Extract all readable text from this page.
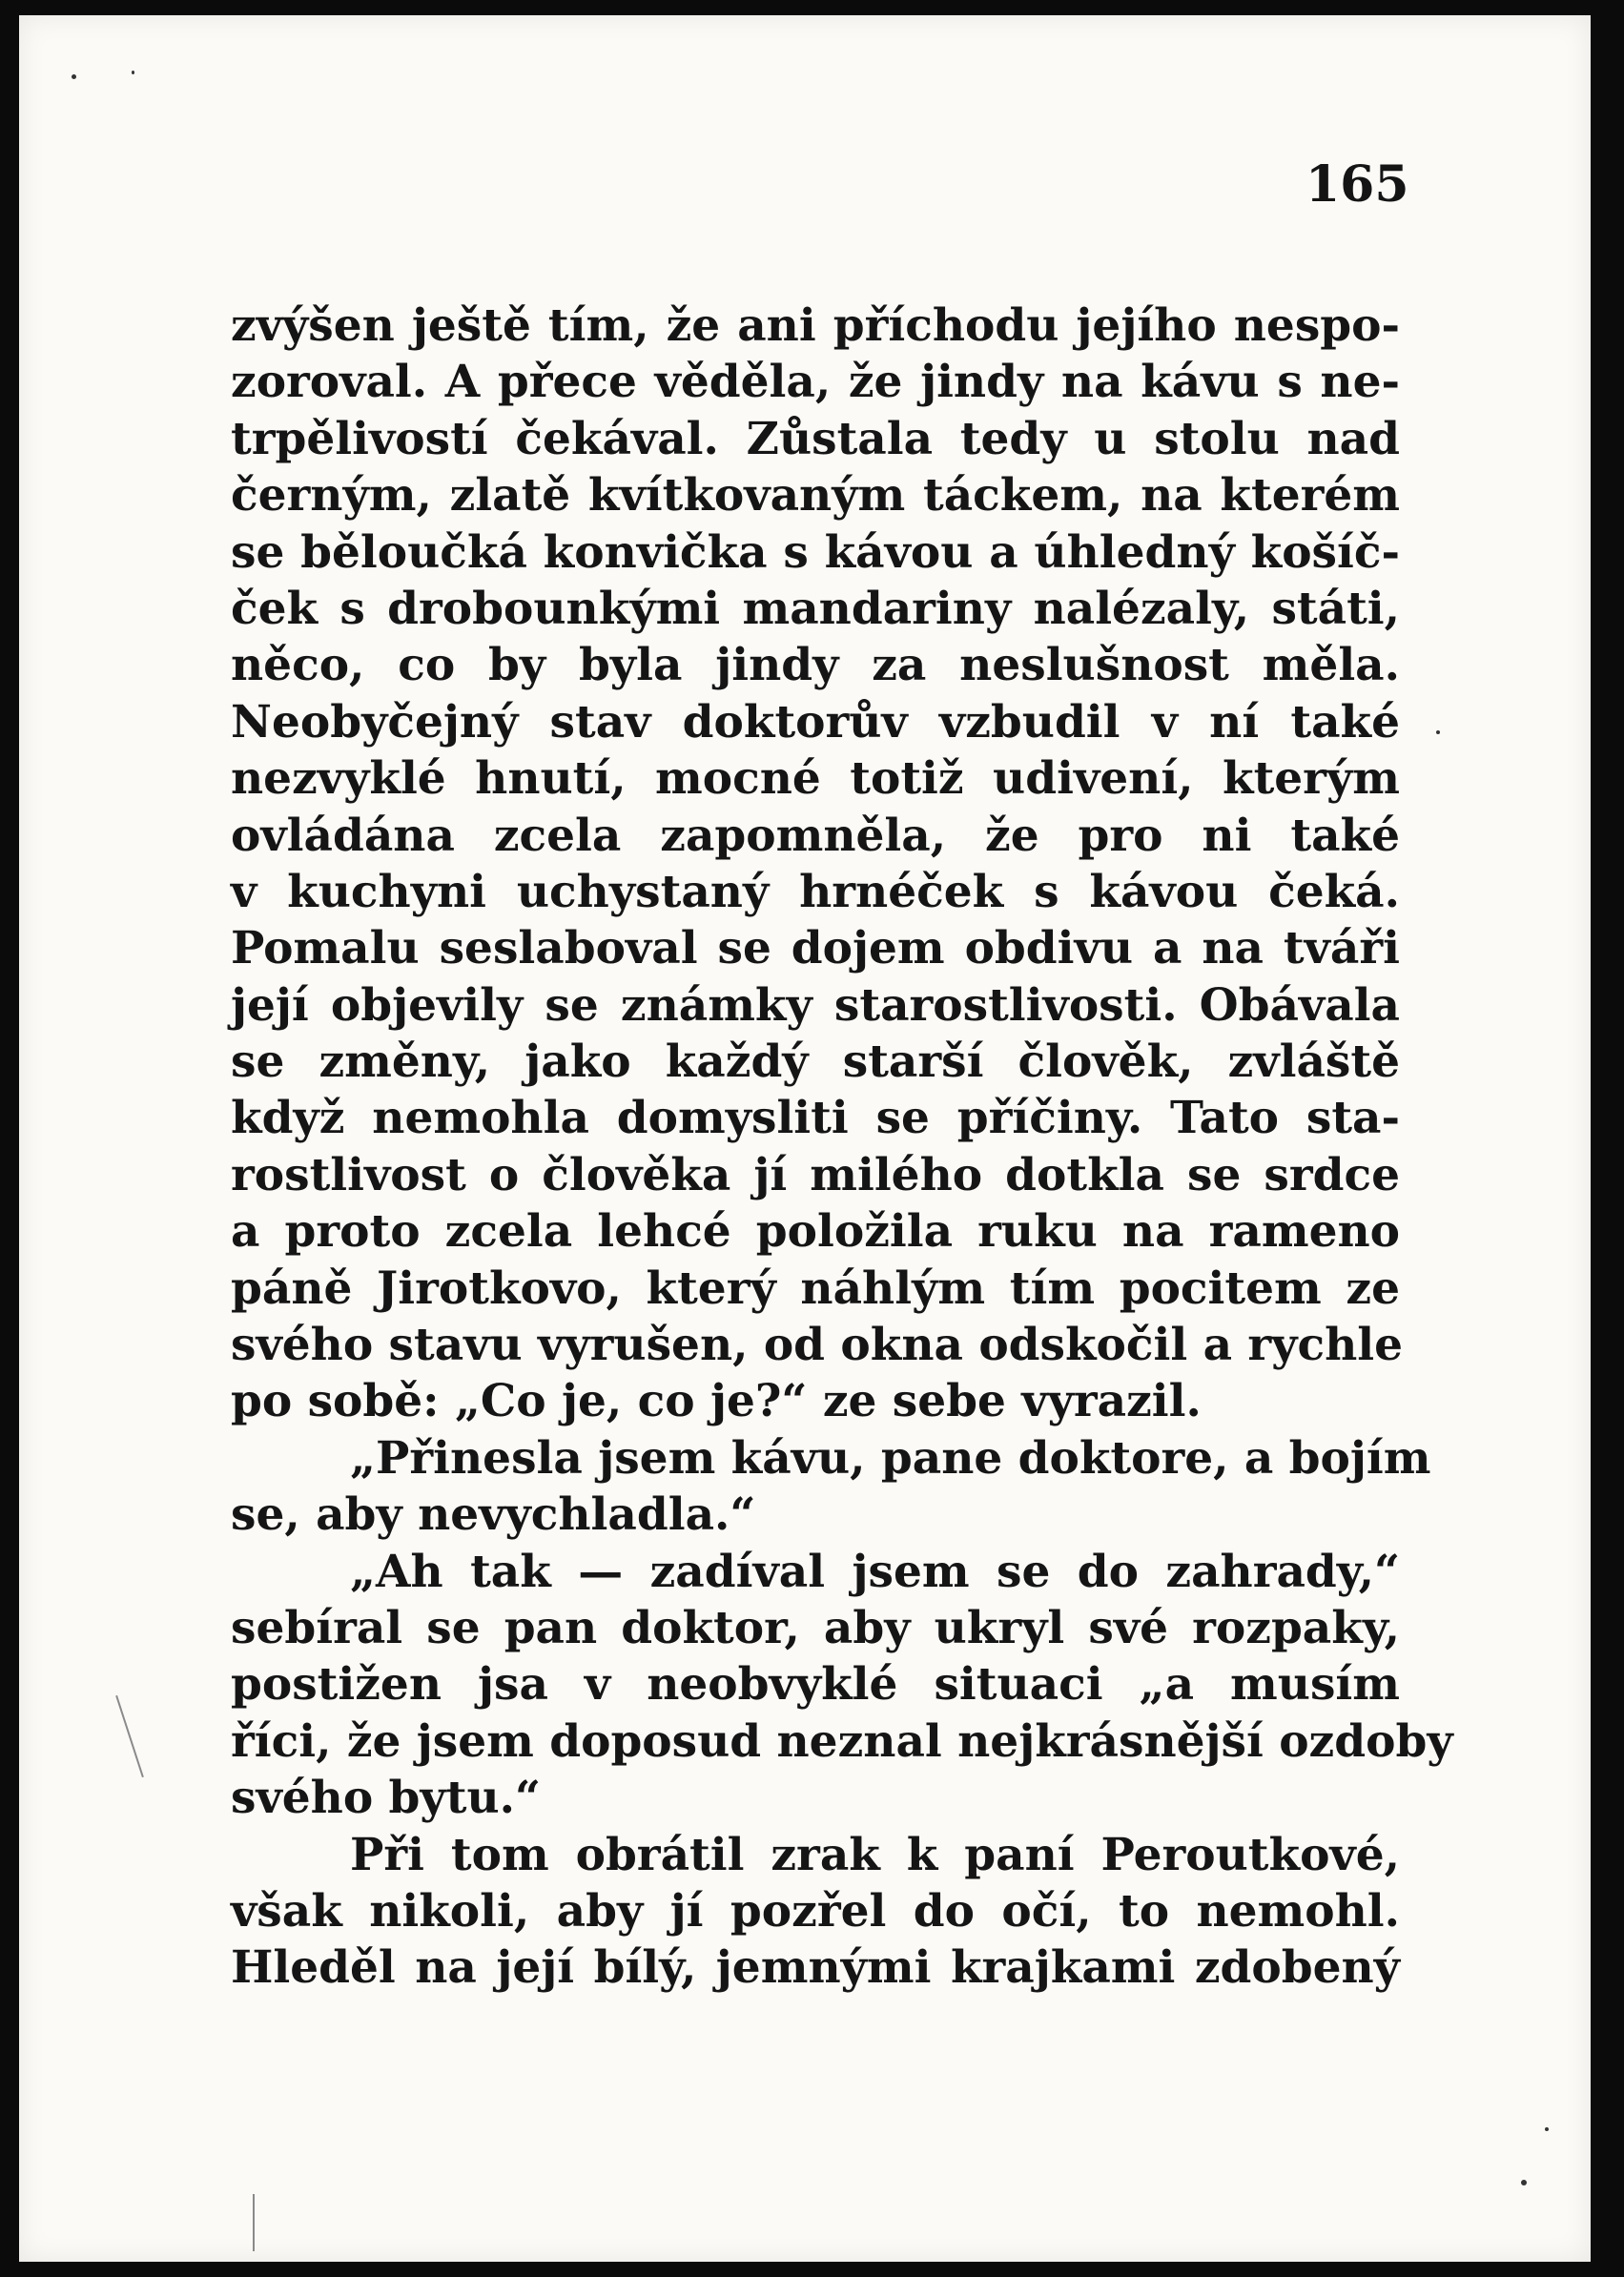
165
zvýšen ještě tím, že ani příchodu jejího nespo-
zoroval. A přece věděla, že jindy na kávu s ne-
trpělivostí čekával. Zůstala tedy u stolu nad
černým, zlatě kvítkovaným táckem, na kterém
se běloučká konvička s kávou a úhledný košíč-
ček s drobounkými mandariny nalézaly, státi,
něco, co by byla jindy za neslušnost měla.
Neobyčejný stav doktorův vzbudil v ní také
nezvyklé hnutí, mocné totiž udivení, kterým
ovládána zcela zapomněla, že pro ni také
v kuchyni uchystaný hrnéček s kávou čeká.
Pomalu seslaboval se dojem obdivu a na tváři
její objevily se známky starostlivosti. Obávala
se změny, jako každý starší člověk, zvláště
když nemohla domysliti se příčiny. Tato sta-
rostlivost o člověka jí milého dotkla se srdce
a proto zcela lehcé položila ruku na rameno
páně Jirotkovo, který náhlým tím pocitem ze
svého stavu vyrušen, od okna odskočil a rychle
po sobě: „Co je, co je?“ ze sebe vyrazil.
„Přinesla jsem kávu, pane doktore, a bojím
se, aby nevychladla.“
„Ah tak — zadíval jsem se do zahrady,“
sebíral se pan doktor, aby ukryl své rozpaky,
postižen jsa v neobvyklé situaci „a musím
říci, že jsem doposud neznal nejkrásnější ozdoby
svého bytu.“
Při tom obrátil zrak k paní Peroutkové,
však nikoli, aby jí pozřel do očí, to nemohl.
Hleděl na její bílý, jemnými krajkami zdobený
